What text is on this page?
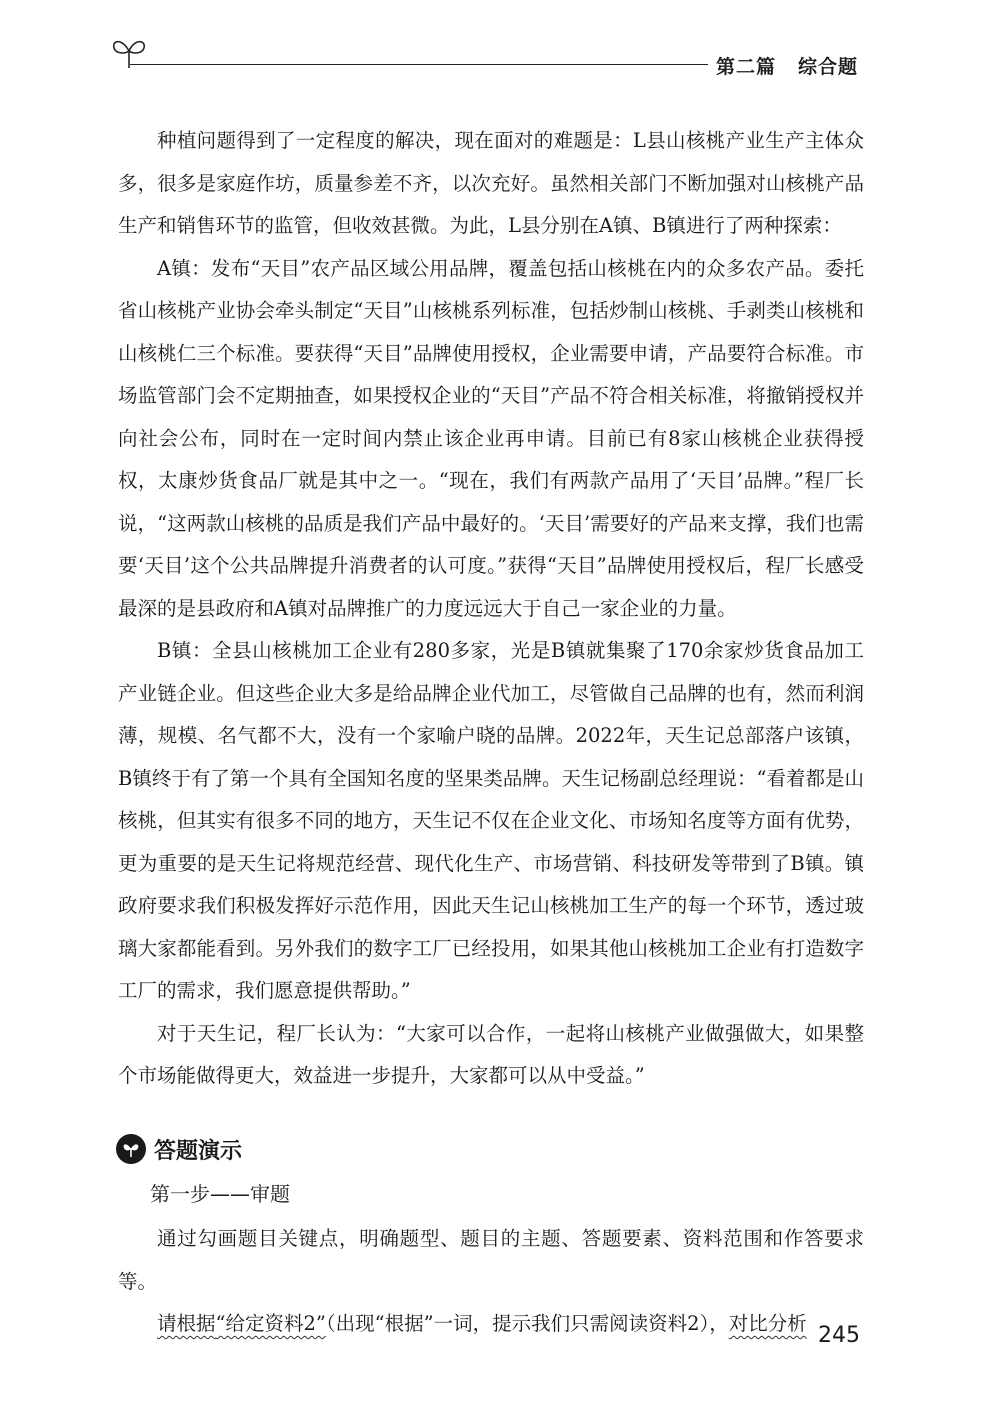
第二篇 综合题

种植问题得到了一定程度的解决，现在面对的难题是：L县山核桃产业生产主体众多，很多是家庭作坊，质量参差不齐，以次充好。虽然相关部门不断加强对山核桃产品生产和销售环节的监管，但收效甚微。为此，L县分别在A镇、B镇进行了两种探索：

A镇：发布“天目”农产品区域公用品牌，覆盖包括山核桃在内的众多农产品。委托省山核桃产业协会牵头制定“天目”山核桃系列标准，包括炒制山核桃、手剥类山核桃和山核桃仁三个标准。要获得“天目”品牌使用授权，企业需要申请，产品要符合标准。市场监管部门会不定期抽查，如果授权企业的“天目”产品不符合相关标准，将撤销授权并向社会公布，同时在一定时间内禁止该企业再申请。目前已有8家山核桃企业获得授权，太康炒货食品厂就是其中之一。“现在，我们有两款产品用了‘天目’品牌。”程厂长说，“这两款山核桃的品质是我们产品中最好的。‘天目’需要好的产品来支撑，我们也需要‘天目’这个公共品牌提升消费者的认可度。”获得“天目”品牌使用授权后，程厂长感受最深的是县政府和A镇对品牌推广的力度远远大于自己一家企业的力量。

B镇：全县山核桃加工企业有280多家，光是B镇就集聚了170余家炒货食品加工产业链企业。但这些企业大多是给品牌企业代加工，尽管做自己品牌的也有，然而利润薄，规模、名气都不大，没有一个家喻户晓的品牌。2022年，天生记总部落户该镇，B镇终于有了第一个具有全国知名度的坚果类品牌。天生记杨副总经理说：“看着都是山核桃，但其实有很多不同的地方，天生记不仅在企业文化、市场知名度等方面有优势，更为重要的是天生记将规范经营、现代化生产、市场营销、科技研发等带到了B镇。镇政府要求我们积极发挥好示范作用，因此天生记山核桃加工生产的每一个环节，透过玻璃大家都能看到。另外我们的数字工厂已经投用，如果其他山核桃加工企业有打造数字工厂的需求，我们愿意提供帮助。”

对于天生记，程厂长认为：“大家可以合作，一起将山核桃产业做强做大，如果整个市场能做得更大，效益进一步提升，大家都可以从中受益。”

答题演示
第一步——审题

通过勾画题目关键点，明确题型、题目的主题、答题要素、资料范围和作答要求等。

请根据“给定资料2”（出现“根据”一词，提示我们只需阅读资料2），对比分析 245
